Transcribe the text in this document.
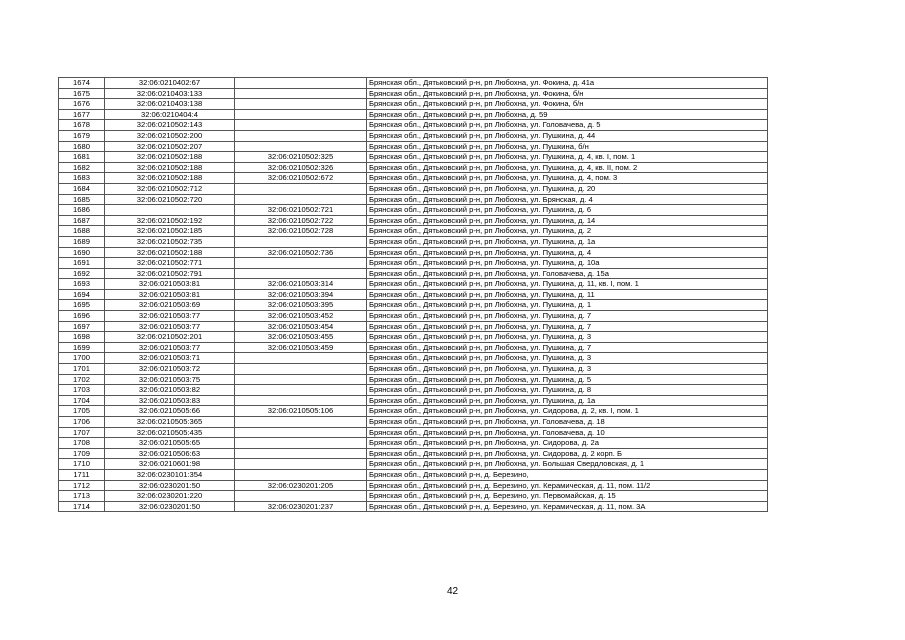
1674	32:06:0210402:67		Брянская обл., Дятьковский р-н, рп Любохна, ул. Фокина, д. 41а
1675	32:06:0210403:133		Брянская обл., Дятьковский р-н, рп Любохна, ул. Фокина, б/н
1676	32:06:0210403:138		Брянская обл., Дятьковский р-н, рп Любохна, ул. Фокина, б/н
1677	32:06:0210404:4		Брянская обл., Дятьковский р-н, рп Любохна, д. 59
1678	32:06:0210502:143		Брянская обл., Дятьковский р-н, рп Любохна, ул. Головачева, д. 5
1679	32:06:0210502:200		Брянская обл., Дятьковский р-н, рп Любохна, ул. Пушкина, д. 44
1680	32:06:0210502:207		Брянская обл., Дятьковский р-н, рп Любохна, ул. Пушкина, б/н
1681	32:06:0210502:188	32:06:0210502:325	Брянская обл., Дятьковский р-н, рп Любохна, ул. Пушкина, д. 4, кв. I, пом. 1
1682	32:06:0210502:188	32:06:0210502:326	Брянская обл., Дятьковский р-н, рп Любохна, ул. Пушкина, д. 4, кв. II, пом. 2
1683	32:06:0210502:188	32:06:0210502:672	Брянская обл., Дятьковский р-н, рп Любохна, ул. Пушкина, д. 4, пом. 3
1684	32:06:0210502:712		Брянская обл., Дятьковский р-н, рп Любохна, ул. Пушкина, д. 20
1685	32:06:0210502:720		Брянская обл., Дятьковский р-н, рп Любохна, ул. Брянская, д. 4
1686		32:06:0210502:721	Брянская обл., Дятьковский р-н, рп Любохна, ул. Пушкина, д. 6
1687	32:06:0210502:192	32:06:0210502:722	Брянская обл., Дятьковский р-н, рп Любохна, ул. Пушкина, д. 14
1688	32:06:0210502:185	32:06:0210502:728	Брянская обл., Дятьковский р-н, рп Любохна, ул. Пушкина, д. 2
1689	32:06:0210502:735		Брянская обл., Дятьковский р-н, рп Любохна, ул. Пушкина, д. 1а
1690	32:06:0210502:188	32:06:0210502:736	Брянская обл., Дятьковский р-н, рп Любохна, ул. Пушкина, д. 4
1691	32:06:0210502:771		Брянская обл., Дятьковский р-н, рп Любохна, ул. Пушкина, д. 10а
1692	32:06:0210502:791		Брянская обл., Дятьковский р-н, рп Любохна, ул. Головачева, д. 15а
1693	32:06:0210503:81	32:06:0210503:314	Брянская обл., Дятьковский р-н, рп Любохна, ул. Пушкина, д. 11, кв. I, пом. 1
1694	32:06:0210503:81	32:06:0210503:394	Брянская обл., Дятьковский р-н, рп Любохна, ул. Пушкина, д. 11
1695	32:06:0210503:69	32:06:0210503:395	Брянская обл., Дятьковский р-н, рп Любохна, ул. Пушкина, д. 1
1696	32:06:0210503:77	32:06:0210503:452	Брянская обл., Дятьковский р-н, рп Любохна, ул. Пушкина, д. 7
1697	32:06:0210503:77	32:06:0210503:454	Брянская обл., Дятьковский р-н, рп Любохна, ул. Пушкина, д. 7
1698	32:06:0210502:201	32:06:0210503:455	Брянская обл., Дятьковский р-н, рп Любохна, ул. Пушкина, д. 3
1699	32:06:0210503:77	32:06:0210503:459	Брянская обл., Дятьковский р-н, рп Любохна, ул. Пушкина, д. 7
1700	32:06:0210503:71		Брянская обл., Дятьковский р-н, рп Любохна, ул. Пушкина, д. 3
1701	32:06:0210503:72		Брянская обл., Дятьковский р-н, рп Любохна, ул. Пушкина, д. 3
1702	32:06:0210503:75		Брянская обл., Дятьковский р-н, рп Любохна, ул. Пушкина, д. 5
1703	32:06:0210503:82		Брянская обл., Дятьковский р-н, рп Любохна, ул. Пушкина, д. 8
1704	32:06:0210503:83		Брянская обл., Дятьковский р-н, рп Любохна, ул. Пушкина, д. 1а
1705	32:06:0210505:66	32:06:0210505:106	Брянская обл., Дятьковский р-н, рп Любохна, ул. Сидорова, д. 2, кв. I, пом. 1
1706	32:06:0210505:365		Брянская обл., Дятьковский р-н, рп Любохна, ул. Головачева, д. 18
1707	32:06:0210505:435		Брянская обл., Дятьковский р-н, рп Любохна, ул. Головачева, д. 10
1708	32:06:0210505:65		Брянская обл., Дятьковский р-н, рп Любохна, ул. Сидорова, д. 2а
1709	32:06:0210506:63		Брянская обл., Дятьковский р-н, рп Любохна, ул. Сидорова, д. 2 корп. Б
1710	32:06:0210601:98		Брянская обл., Дятьковский р-н, рп Любохна, ул. Большая Свердловская, д. 1
1711	32:06:0230101:354		Брянская обл., Дятьковский р-н, д. Березино,
1712	32:06:0230201:50	32:06:0230201:205	Брянская обл., Дятьковский р-н, д. Березино, ул. Керамическая, д. 11, пом. 11/2
1713	32:06:0230201:220		Брянская обл., Дятьковский р-н, д. Березино, ул. Первомайская, д. 15
1714	32:06:0230201:50	32:06:0230201:237	Брянская обл., Дятьковский р-н, д. Березино, ул. Керамическая, д. 11, пом. 3А
42
